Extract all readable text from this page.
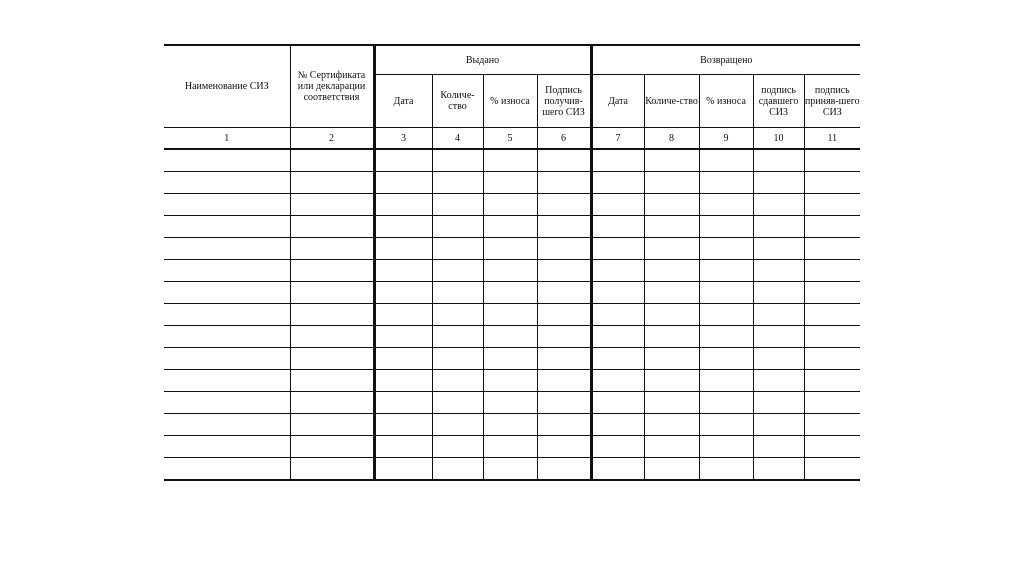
Наименование СИЗ	№ Сертификата или декларации соответствия	Выдано				Возвращено				

		Дата	Количе-ство	% износа	Подпись получив-шего СИЗ	Дата	Количе-ство	% износа	подпись сдавшего СИЗ	подпись приняв-шего СИЗ

1	2	3	4	5	6	7	8	9	10	11
